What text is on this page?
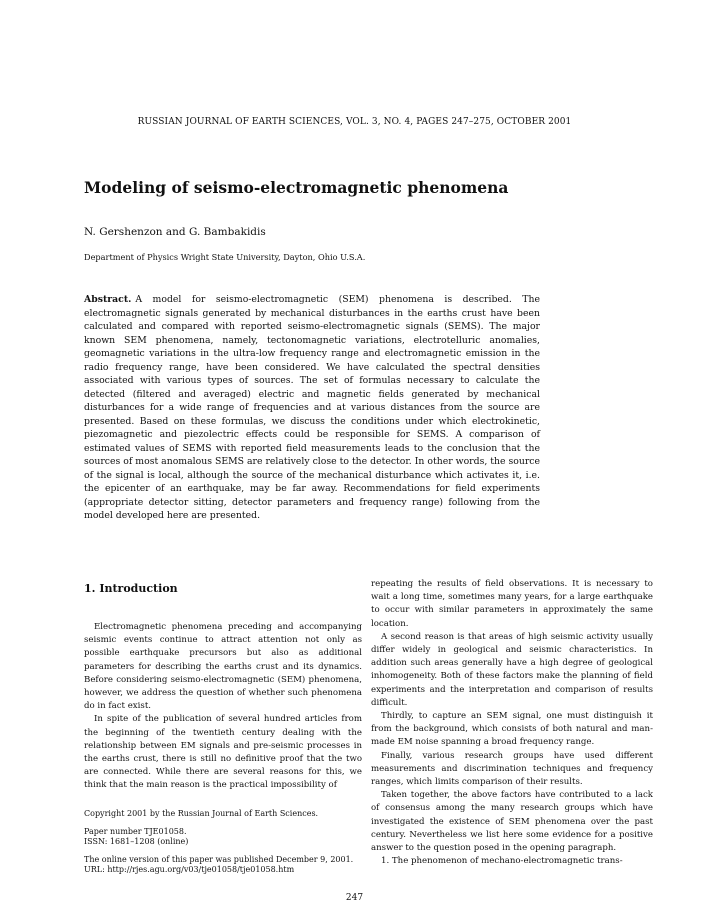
RUSSIAN JOURNAL OF EARTH SCIENCES, VOL. 3, NO. 4, PAGES 247–275, OCTOBER 2001
Modeling of seismo-electromagnetic phenomena
N. Gershenzon and G. Bambakidis
Department of Physics Wright State University, Dayton, Ohio U.S.A.
Abstract. A model for seismo-electromagnetic (SEM) phenomena is described. The electromagnetic signals generated by mechanical disturbances in the earths crust have been calculated and compared with reported seismo-electromagnetic signals (SEMS). The major known SEM phenomena, namely, tectonomagnetic variations, electrotelluric anomalies, geomagnetic variations in the ultra-low frequency range and electromagnetic emission in the radio frequency range, have been considered. We have calculated the spectral densities associated with various types of sources. The set of formulas necessary to calculate the detected (filtered and averaged) electric and magnetic fields generated by mechanical disturbances for a wide range of frequencies and at various distances from the source are presented. Based on these formulas, we discuss the conditions under which electrokinetic, piezomagnetic and piezolectric effects could be responsible for SEMS. A comparison of estimated values of SEMS with reported field measurements leads to the conclusion that the sources of most anomalous SEMS are relatively close to the detector. In other words, the source of the signal is local, although the source of the mechanical disturbance which activates it, i.e. the epicenter of an earthquake, may be far away. Recommendations for field experiments (appropriate detector sitting, detector parameters and frequency range) following from the model developed here are presented.
1. Introduction

Electromagnetic phenomena preceding and accompanying seismic events continue to attract attention not only as possible earthquake precursors but also as additional parameters for describing the earths crust and its dynamics. Before considering seismo-electromagnetic (SEM) phenomena, however, we address the question of whether such phenomena do in fact exist.

In spite of the publication of several hundred articles from the beginning of the twentieth century dealing with the relationship between EM signals and pre-seismic processes in the earths crust, there is still no definitive proof that the two are connected. While there are several reasons for this, we think that the main reason is the practical impossibility of

repeating the results of field observations. It is necessary to wait a long time, sometimes many years, for a large earthquake to occur with similar parameters in approximately the same location.

A second reason is that areas of high seismic activity usually differ widely in geological and seismic characteristics. In addition such areas generally have a high degree of geological inhomogeneity. Both of these factors make the planning of field experiments and the interpretation and comparison of results difficult.

Thirdly, to capture an SEM signal, one must distinguish it from the background, which consists of both natural and man-made EM noise spanning a broad frequency range.

Finally, various research groups have used different measurements and discrimination techniques and frequency ranges, which limits comparison of their results.

Taken together, the above factors have contributed to a lack of consensus among the many research groups which have investigated the existence of SEM phenomena over the past century. Nevertheless we list here some evidence for a positive answer to the question posed in the opening paragraph.

1. The phenomenon of mechano-electromagnetic trans-

Copyright 2001 by the Russian Journal of Earth Sciences.
Paper number TJE01058.
ISSN: 1681–1208 (online)
The online version of this paper was published December 9, 2001.
URL: http://rjes.agu.org/v03/tje01058/tje01058.htm
247
